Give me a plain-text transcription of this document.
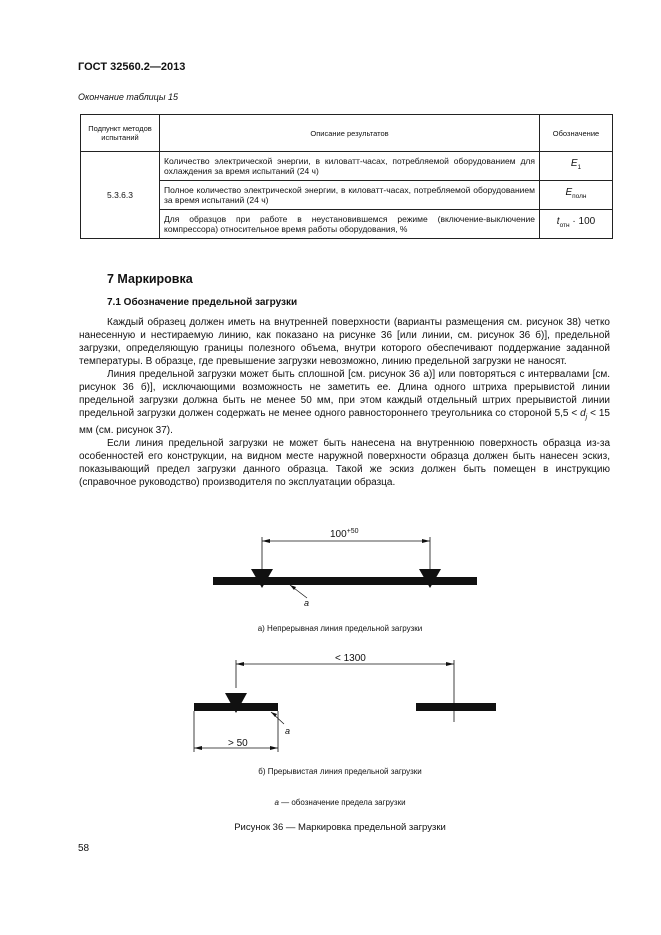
ГОСТ 32560.2—2013
Окончание таблицы 15
Подпункт методов испытаний	Описание результатов	Обозначение
5.3.6.3	Количество электрической энергии, в киловатт-часах, потребляемой оборудованием для охлаждения за время испытаний (24 ч)	$E_1$
	Полное количество электрической энергии, в киловатт-часах, потребляемой оборудованием за время испытаний (24 ч)	$E_{полн}$
	Для образцов при работе в неустановившемся режиме (включение-выключение компрессора) относительное время работы оборудования, %	$t_{отн} \cdot 100$
7 Маркировка
7.1 Обозначение предельной загрузки

Каждый образец должен иметь на внутренней поверхности (варианты размещения см. рисунок 38) четко нанесенную и нестираемую линию, как показано на рисунке 36 [или линии, см. рисунок 36 б)], предельной загрузки, определяющую границы полезного объема, внутри которого обеспечивают поддержание заданной температуры. В образце, где превышение загрузки невозможно, линию предельной загрузки не наносят.

Линия предельной загрузки может быть сплошной [см. рисунок 36 а)] или повторяться с интервалами [см. рисунок 36 б)], исключающими возможность не заметить ее. Длина одного штриха прерывистой линии предельной загрузки должна быть не менее 50 мм, при этом каждый отдельный штрих прерывистой линии предельной загрузки должен содержать не менее одного равностороннего треугольника со стороной $5,5 < d_j < 15$ мм (см. рисунок 37).

Если линия предельной загрузки не может быть нанесена на внутреннюю поверхность образца из-за особенностей его конструкции, на видном месте наружной поверхности образца должен быть нанесен эскиз, показывающий предел загрузки данного образца. Такой же эскиз должен быть помещен в инструкцию (справочное руководство) производителя по эксплуатации образца.

$100^{+50}$
a
а) Непрерывная линия предельной загрузки
< 1300
> 50
a
б) Прерывистая линия предельной загрузки
a — обозначение предела загрузки
Рисунок 36 — Маркировка предельной загрузки
58
